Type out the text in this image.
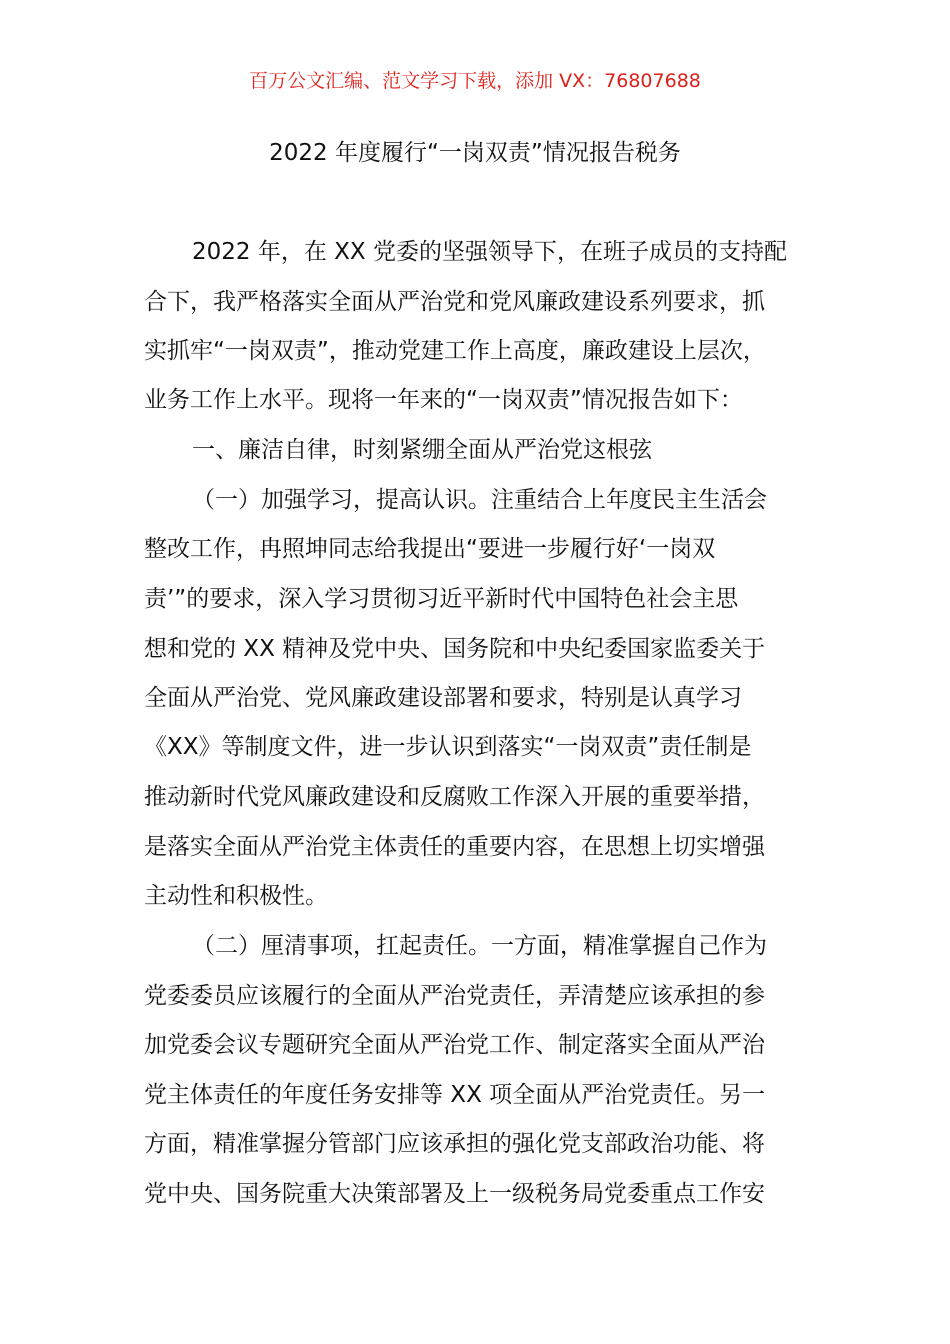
百万公文汇编、范文学习下载，添加 VX：76807688
2022 年度履行“一岗双责”情况报告税务
2022 年，在 XX 党委的坚强领导下，在班子成员的支持配
合下，我严格落实全面从严治党和党风廉政建设系列要求，抓
实抓牢“一岗双责”，推动党建工作上高度，廉政建设上层次，
业务工作上水平。现将一年来的“一岗双责”情况报告如下：
一、廉洁自律，时刻紧绷全面从严治党这根弦
（一）加强学习，提高认识。注重结合上年度民主生活会
整改工作，冉照坤同志给我提出“要进一步履行好‘一岗双
责’”的要求，深入学习贯彻习近平新时代中国特色社会主思
想和党的 XX 精神及党中央、国务院和中央纪委国家监委关于
全面从严治党、党风廉政建设部署和要求，特别是认真学习
《XX》等制度文件，进一步认识到落实“一岗双责”责任制是
推动新时代党风廉政建设和反腐败工作深入开展的重要举措，
是落实全面从严治党主体责任的重要内容，在思想上切实增强
主动性和积极性。
（二）厘清事项，扛起责任。一方面，精准掌握自己作为
党委委员应该履行的全面从严治党责任，弄清楚应该承担的参
加党委会议专题研究全面从严治党工作、制定落实全面从严治
党主体责任的年度任务安排等 XX 项全面从严治党责任。另一
方面，精准掌握分管部门应该承担的强化党支部政治功能、将
党中央、国务院重大决策部署及上一级税务局党委重点工作安
